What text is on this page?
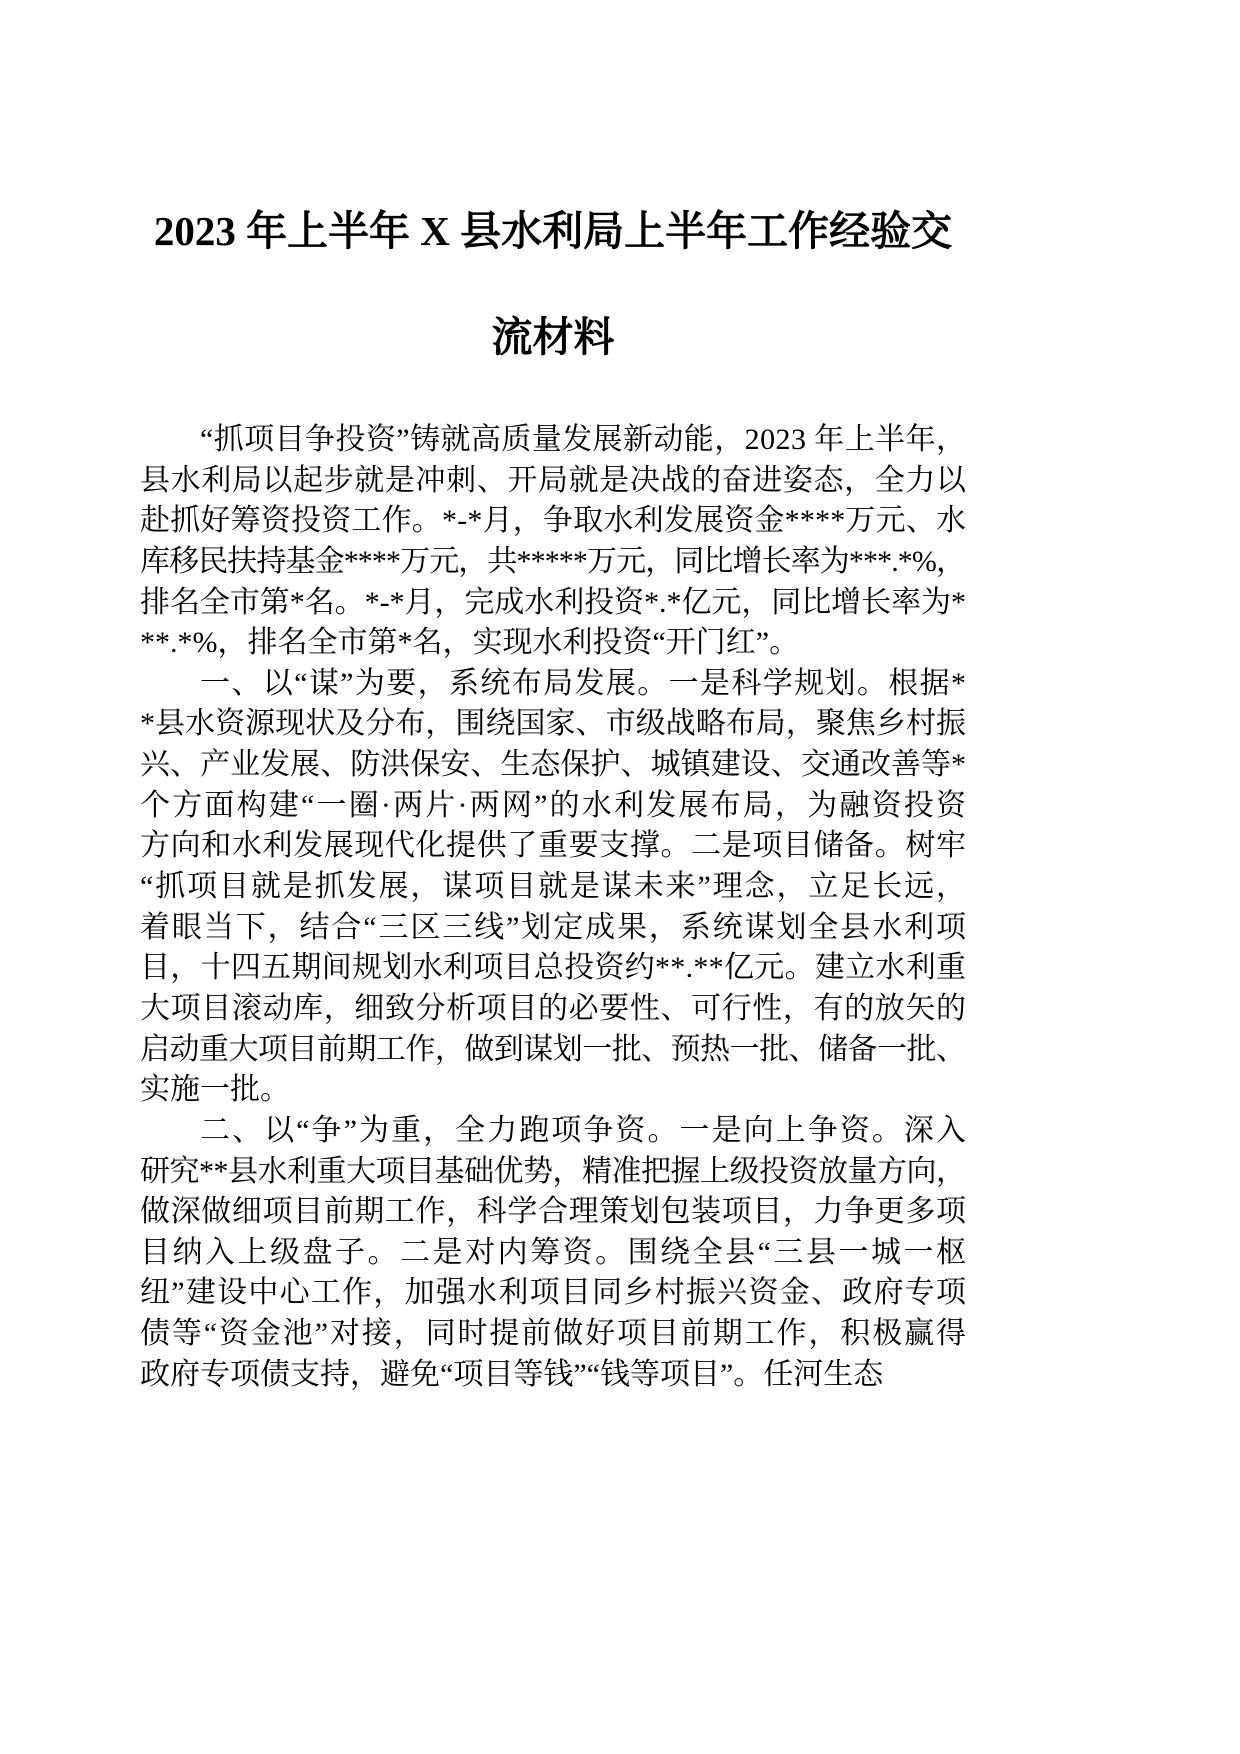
2023 年上半年 X 县水利局上半年工作经验交
流材料
“抓项目争投资”铸就高质量发展新动能，2023 年上半年，
县水利局以起步就是冲刺、开局就是决战的奋进姿态，全力以
赴抓好筹资投资工作。*-*月，争取水利发展资金****万元、水
库移民扶持基金****万元，共*****万元，同比增长率为***.*%，
排名全市第*名。*-*月，完成水利投资*.*亿元，同比增长率为*
**.*%，排名全市第*名，实现水利投资“开门红”。
一、以“谋”为要，系统布局发展。一是科学规划。根据*
*县水资源现状及分布，围绕国家、市级战略布局，聚焦乡村振
兴、产业发展、防洪保安、生态保护、城镇建设、交通改善等*
个方面构建“一圈·两片·两网”的水利发展布局，为融资投资
方向和水利发展现代化提供了重要支撑。二是项目储备。树牢
“抓项目就是抓发展，谋项目就是谋未来”理念，立足长远，
着眼当下，结合“三区三线”划定成果，系统谋划全县水利项
目，十四五期间规划水利项目总投资约**.**亿元。建立水利重
大项目滚动库，细致分析项目的必要性、可行性，有的放矢的
启动重大项目前期工作，做到谋划一批、预热一批、储备一批、
实施一批。
二、以“争”为重，全力跑项争资。一是向上争资。深入
研究**县水利重大项目基础优势，精准把握上级投资放量方向，
做深做细项目前期工作，科学合理策划包装项目，力争更多项
目纳入上级盘子。二是对内筹资。围绕全县“三县一城一枢
纽”建设中心工作，加强水利项目同乡村振兴资金、政府专项
债等“资金池”对接，同时提前做好项目前期工作，积极赢得
政府专项债支持，避免“项目等钱”“钱等项目”。任河生态
